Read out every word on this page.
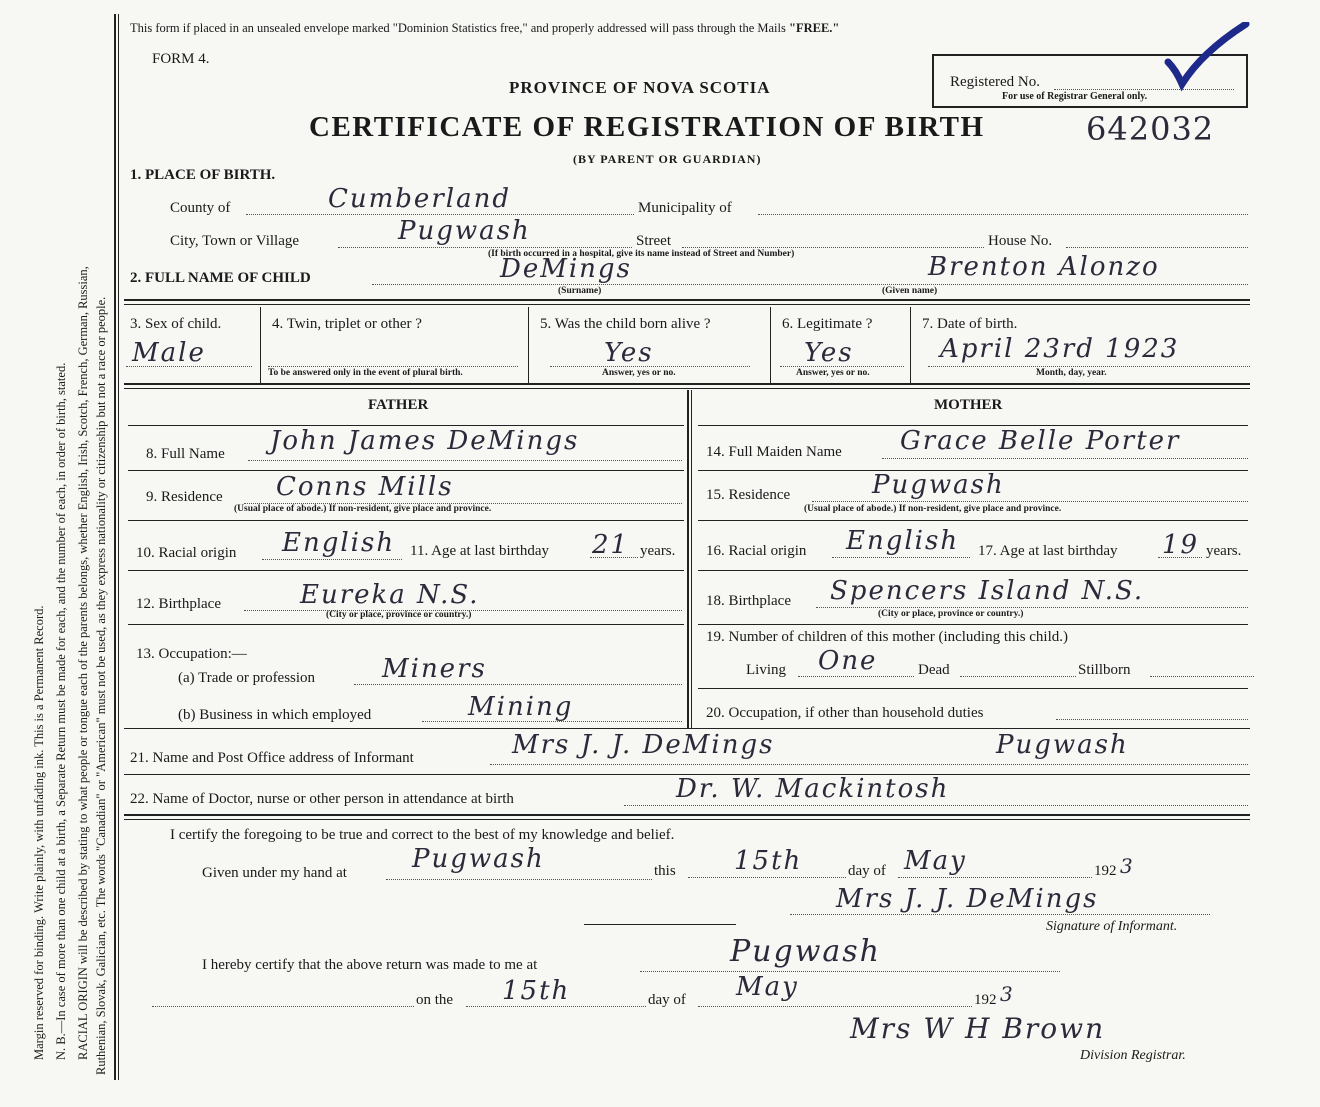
Margin reserved for binding. Write plainly, with unfading ink. This is a Permanent Record. N. B.—In case of more than one child at a birth, a Separate Return must be made for each, and the number of each, in order of birth, stated. RACIAL ORIGIN will be described by stating to what people or tongue each of the parents belongs, whether English, Irish, Scotch, French, German, Russian, Ruthenian, Slovak, Galician, etc. The words "Canadian" or "American" must not be used, as they express nationality or citizenship but not a race or people.
This form if placed in an unsealed envelope marked "Dominion Statistics free," and properly addressed will pass through the Mails "FREE."
FORM 4.
PROVINCE OF NOVA SCOTIA
CERTIFICATE OF REGISTRATION OF BIRTH
(BY PARENT OR GUARDIAN)
642032
Registered No.
For use of Registrar General only.
1. PLACE OF BIRTH.
County of	Cumberland	Municipality of
City, Town or Village	Pugwash	Street
(If birth occurred in a hospital, give its name instead of Street and Number)
House No.
2. FULL NAME OF CHILD	DeMings
(Surname)
Brenton Alonzo
(Given name)
3. Sex of child.
Male
4. Twin, triplet or other ?
To be answered only in the event of plural birth.
5. Was the child born alive ?
Yes
Answer, yes or no.
6. Legitimate ?
Yes
Answer, yes or no.
7. Date of birth.
April 23rd 1923
Month, day, year.
FATHER	MOTHER
8. Full Name John James DeMings
9. Residence Conns Mills
(Usual place of abode.) If non-resident, give place and province.
10. Racial origin English 11. Age at last birthday 21 years.
12. Birthplace	Eureka N.S.
(City or place, province or country.)
13. Occupation:—
(a) Trade or profession	Miners
(b) Business in which employed	Mining
14. Full Maiden Name Grace Belle Porter
15. Residence	Pugwash
(Usual place of abode.) If non-resident, give place and province.
16. Racial origin English 17. Age at last birthday 19 years.
18. Birthplace Spencers Island N.S.
(City or place, province or country.)
19. Number of children of this mother (including this child.)
Living One	Dead	Stillborn
20. Occupation, if other than household duties
21. Name and Post Office address of Informant	Mrs J. J. DeMings	Pugwash
22. Name of Doctor, nurse or other person in attendance at birth	Dr. W. Mackintosh
I certify the foregoing to be true and correct to the best of my knowledge and belief.
Given under my hand at	Pugwash	this 15th	day of May	192 3
Mrs J. J. DeMings
Signature of Informant.
I hereby certify that the above return was made to me at	Pugwash
on the 15th	day of May	192 3
Mrs W H Brown
Division Registrar.
